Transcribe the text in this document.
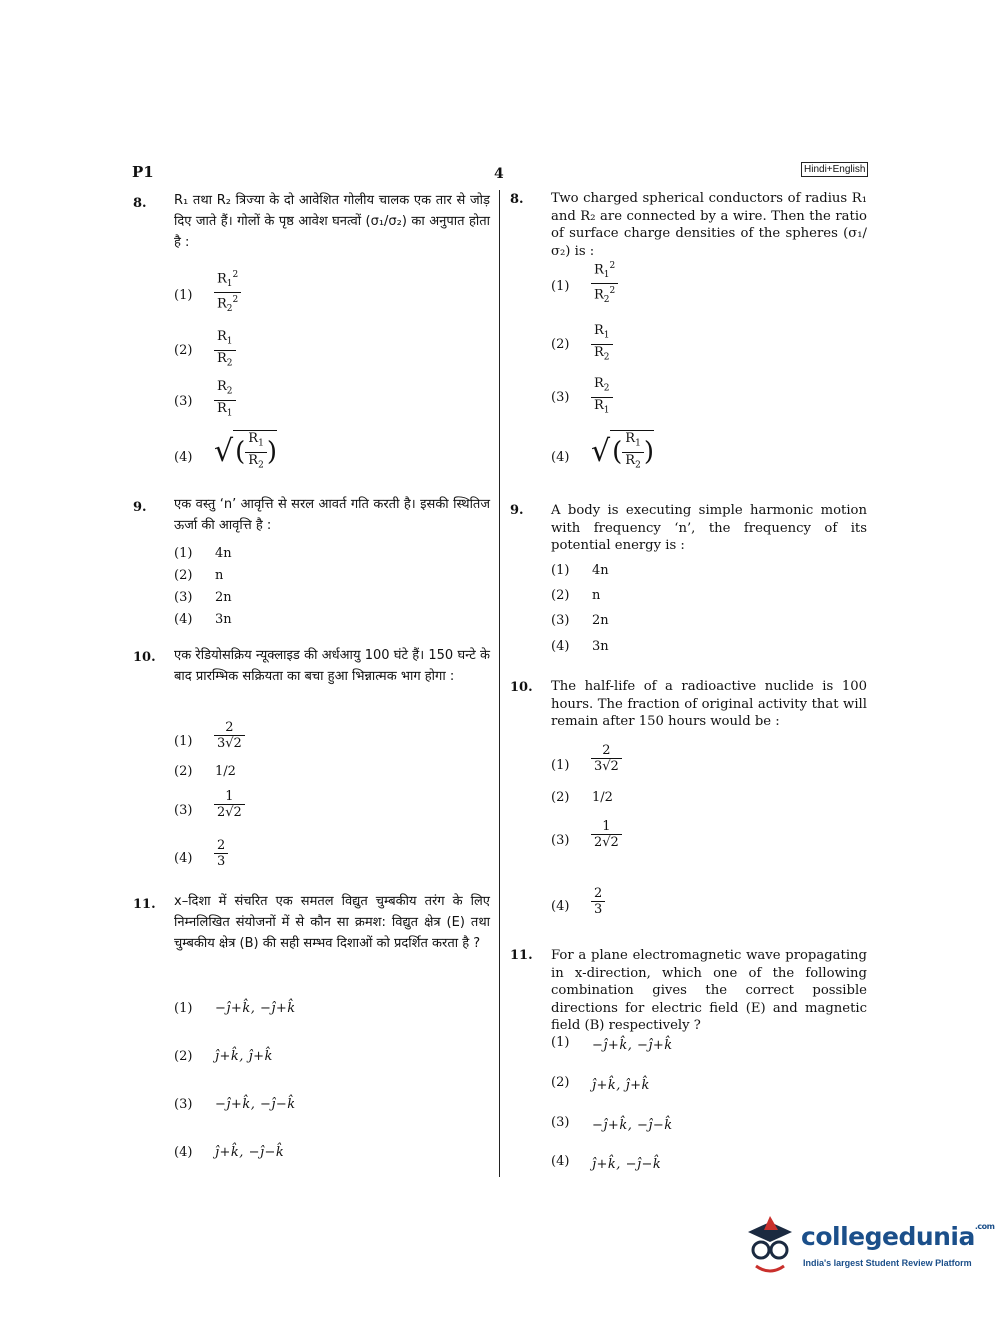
P1	4	Hindi+English
8. R₁ तथा R₂ त्रिज्या के दो आवेशित गोलीय चालक एक तार से जोड़ दिए जाते हैं। गोलों के पृष्ठ आवेश घनत्वों (σ₁/σ₂) का अनुपात होता है :
$(1) \frac{R_1^2}{R_2^2}$
$(2) \frac{R_1}{R_2}$
$(3) \frac{R_2}{R_1}$
(4) √ ( $\frac{R_1}{R_2}$ )
9. एक वस्तु ‘n’ आवृत्ति से सरल आवर्त गति करती है। इसकी स्थितिज ऊर्जा की आवृत्ति है :
(1) 4n
(2) n
(3) 2n
(4) 3n
10. एक रेडियोसक्रिय न्यूक्लाइड की अर्धआयु 100 घंटे हैं। 150 घन्टे के बाद प्रारम्भिक सक्रियता का बचा हुआ भिन्नात्मक भाग होगा :
$(1) \frac{2}{3√2}$
(2) 1/2
$(3) \frac{1}{2√2}$
$(4) \frac{2}{3}$
11. x–दिशा में संचरित एक समतल विद्युत चुम्बकीय तरंग के लिए निम्नलिखित संयोजनों में से कौन सा क्रमश: विद्युत क्षेत्र (E) तथा चुम्बकीय क्षेत्र (B) की सही सम्भव दिशाओं को प्रदर्शित करता है ?
(1) −ĵ+k̂, −ĵ+k̂
(2) ĵ+k̂, ĵ+k̂
(3) −ĵ+k̂, −ĵ−k̂
(4) ĵ+k̂, −ĵ−k̂
8. Two charged spherical conductors of radius R₁ and R₂ are connected by a wire. Then the ratio of surface charge densities of the spheres (σ₁/σ₂) is :
$(1) \frac{R_1^2}{R_2^2}$
$(2) \frac{R_1}{R_2}$
$(3) \frac{R_2}{R_1}$
(4) √ ( $\frac{R_1}{R_2}$ )
9. A body is executing simple harmonic motion with frequency ‘n’, the frequency of its potential energy is :
(1) 4n
(2) n
(3) 2n
(4) 3n
10. The half-life of a radioactive nuclide is 100 hours. The fraction of original activity that will remain after 150 hours would be :
$(1) \frac{2}{3√2}$
(2) 1/2
$(3) \frac{1}{2√2}$
$(4) \frac{2}{3}$
11. For a plane electromagnetic wave propagating in x-direction, which one of the following combination gives the correct possible directions for electric field (E) and magnetic field (B) respectively ?
(1) −ĵ+k̂, −ĵ+k̂
(2) ĵ+k̂, ĵ+k̂
(3) −ĵ+k̂, −ĵ−k̂
(4) ĵ+k̂, −ĵ−k̂
collegedunia$^{.com}$
India's largest Student Review Platform
